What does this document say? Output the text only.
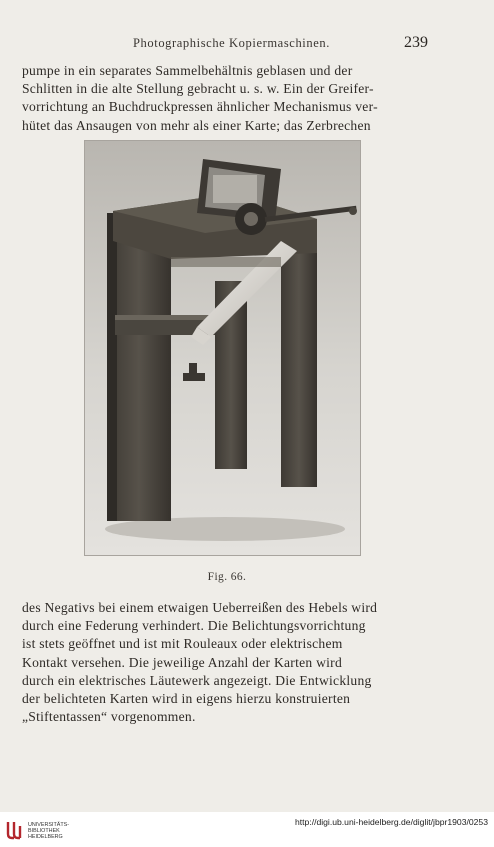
Photographische Kopiermaschinen.	239
pumpe in ein separates Sammelbehältnis geblasen und der
Schlitten in die alte Stellung gebracht u. s. w. Ein der Greifer-
vorrichtung an Buchdruckpressen ähnlicher Mechanismus ver-
hütet das Ansaugen von mehr als einer Karte; das Zerbrechen
Fig. 66.
des Negativs bei einem etwaigen Ueberreißen des Hebels wird
durch eine Federung verhindert. Die Belichtungsvorrichtung
ist stets geöffnet und ist mit Rouleaux oder elektrischem
Kontakt versehen. Die jeweilige Anzahl der Karten wird
durch ein elektrisches Läutewerk angezeigt. Die Entwicklung
der belichteten Karten wird in eigens hierzu konstruierten
„Stiftentassen“ vorgenommen.
UNIVERSITÄTS-
BIBLIOTHEK
HEIDELBERG
http://digi.ub.uni-heidelberg.de/diglit/jbpr1903/0253
